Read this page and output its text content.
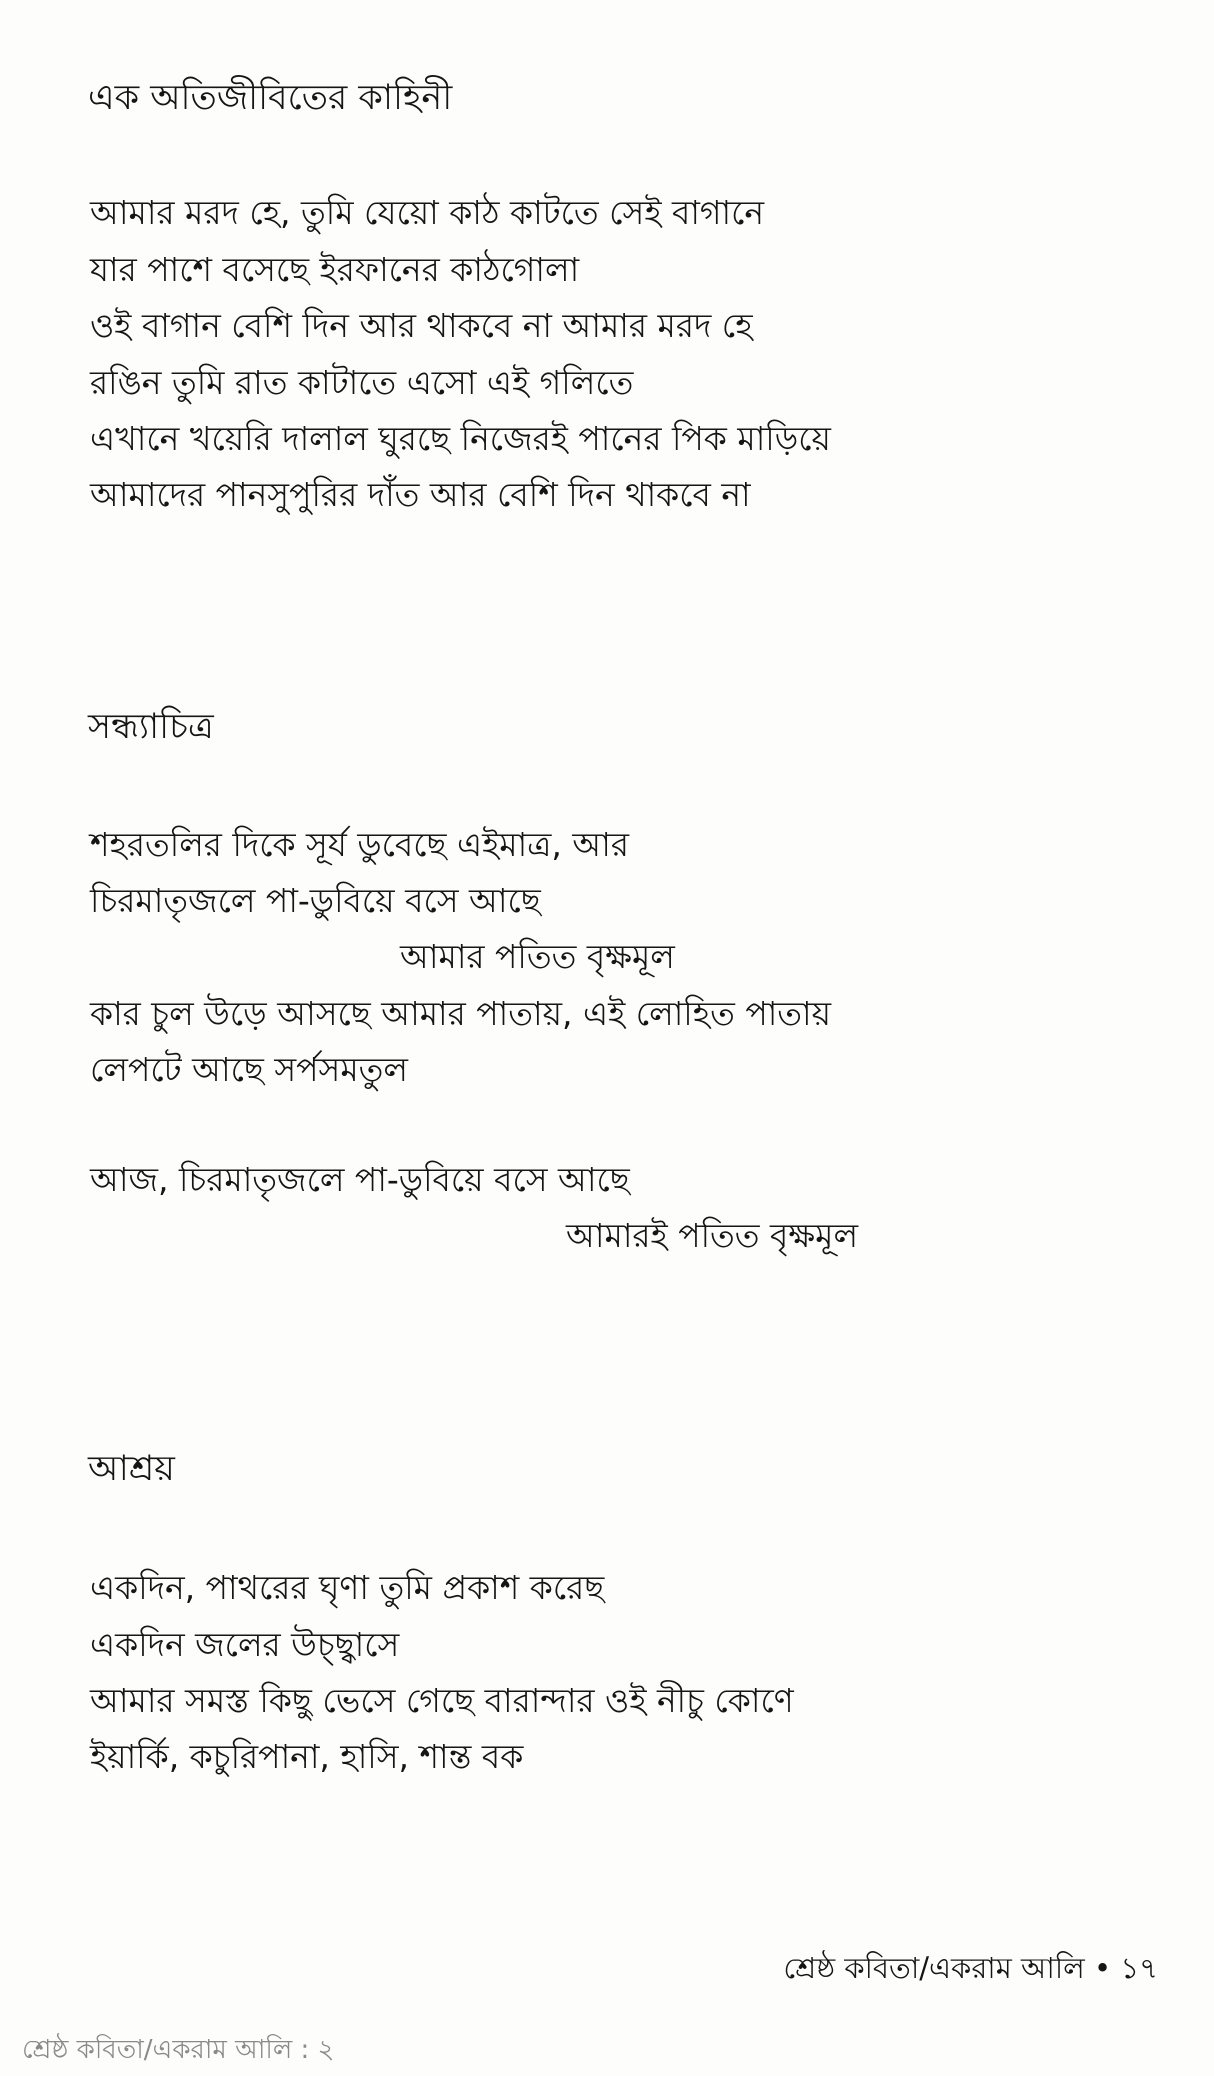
এক অতিজীবিতের কাহিনী
আমার মরদ হে, তুমি যেয়ো কাঠ কাটতে সেই বাগানে
যার পাশে বসেছে ইরফানের কাঠগোলা
ওই বাগান বেশি দিন আর থাকবে না আমার মরদ হে
রঙিন তুমি রাত কাটাতে এসো এই গলিতে
এখানে খয়েরি দালাল ঘুরছে নিজেরই পানের পিক মাড়িয়ে
আমাদের পানসুপুরির দাঁত আর বেশি দিন থাকবে না
সন্ধ্যাচিত্র
শহরতলির দিকে সূর্য ডুবেছে এইমাত্র, আর
চিরমাতৃজলে পা-ডুবিয়ে বসে আছে
আমার পতিত বৃক্ষমূল
কার চুল উড়ে আসছে আমার পাতায়, এই লোহিত পাতায়
লেপটে আছে সর্পসমতুল
আজ, চিরমাতৃজলে পা-ডুবিয়ে বসে আছে
আমারই পতিত বৃক্ষমূল
আশ্রয়
একদিন, পাথরের ঘৃণা তুমি প্রকাশ করেছ
একদিন জলের উচ্ছ্বাসে
আমার সমস্ত কিছু ভেসে গেছে বারান্দার ওই নীচু কোণে
ইয়ার্কি, কচুরিপানা, হাসি, শান্ত বক
শ্রেষ্ঠ কবিতা/একরাম আলি • ১৭
শ্রেষ্ঠ কবিতা/একরাম আলি : ২
